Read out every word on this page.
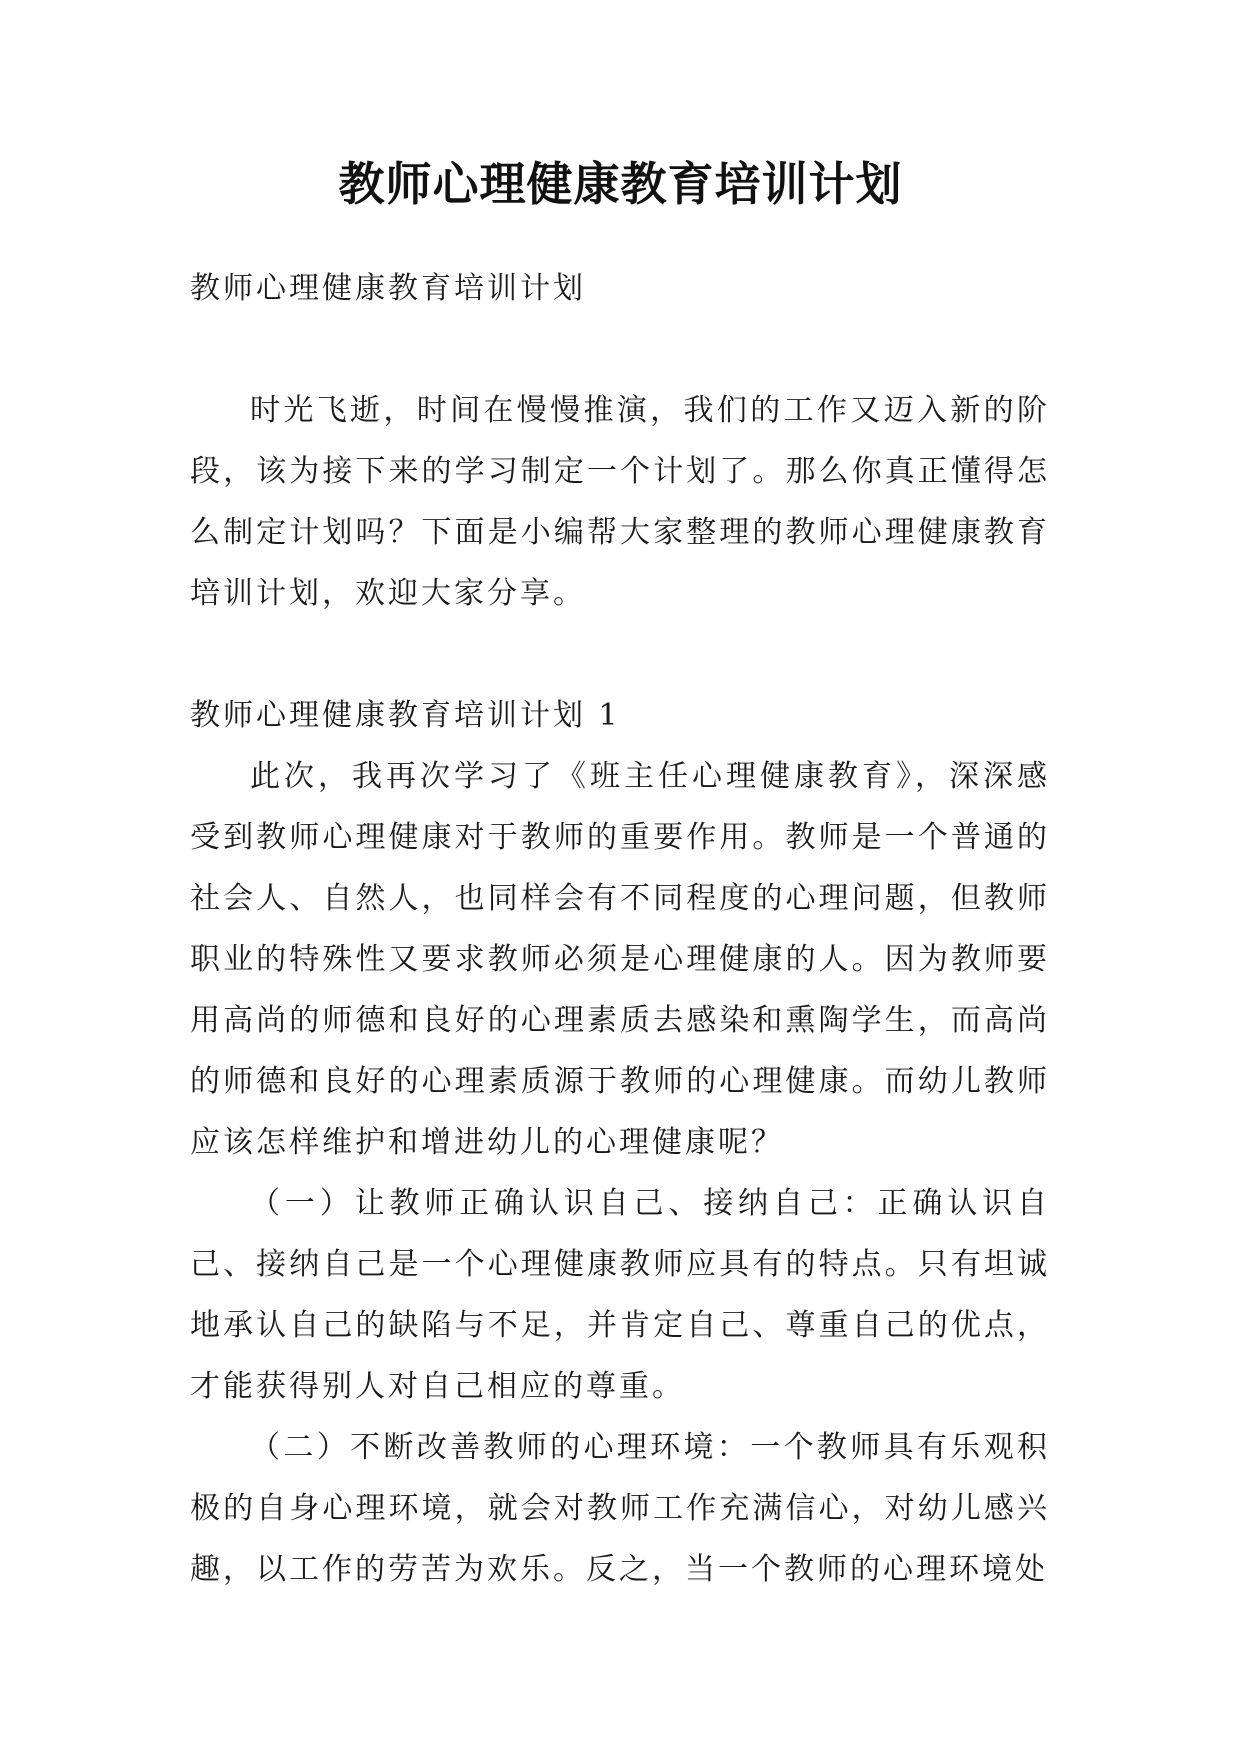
教师心理健康教育培训计划

教师心理健康教育培训计划

时光飞逝，时间在慢慢推演，我们的工作又迈入新的阶段，该为接下来的学习制定一个计划了。那么你真正懂得怎么制定计划吗？下面是小编帮大家整理的教师心理健康教育培训计划，欢迎大家分享。

教师心理健康教育培训计划 1

此次，我再次学习了《班主任心理健康教育》，深深感受到教师心理健康对于教师的重要作用。教师是一个普通的社会人、自然人，也同样会有不同程度的心理问题，但教师职业的特殊性又要求教师必须是心理健康的人。因为教师要用高尚的师德和良好的心理素质去感染和熏陶学生，而高尚的师德和良好的心理素质源于教师的心理健康。而幼儿教师应该怎样维护和增进幼儿的心理健康呢？

（一）让教师正确认识自己、接纳自己：正确认识自己、接纳自己是一个心理健康教师应具有的特点。只有坦诚地承认自己的缺陷与不足，并肯定自己、尊重自己的优点，才能获得别人对自己相应的尊重。

（二）不断改善教师的心理环境：一个教师具有乐观积极的自身心理环境，就会对教师工作充满信心，对幼儿感兴趣，以工作的劳苦为欢乐。反之，当一个教师的心理环境处
